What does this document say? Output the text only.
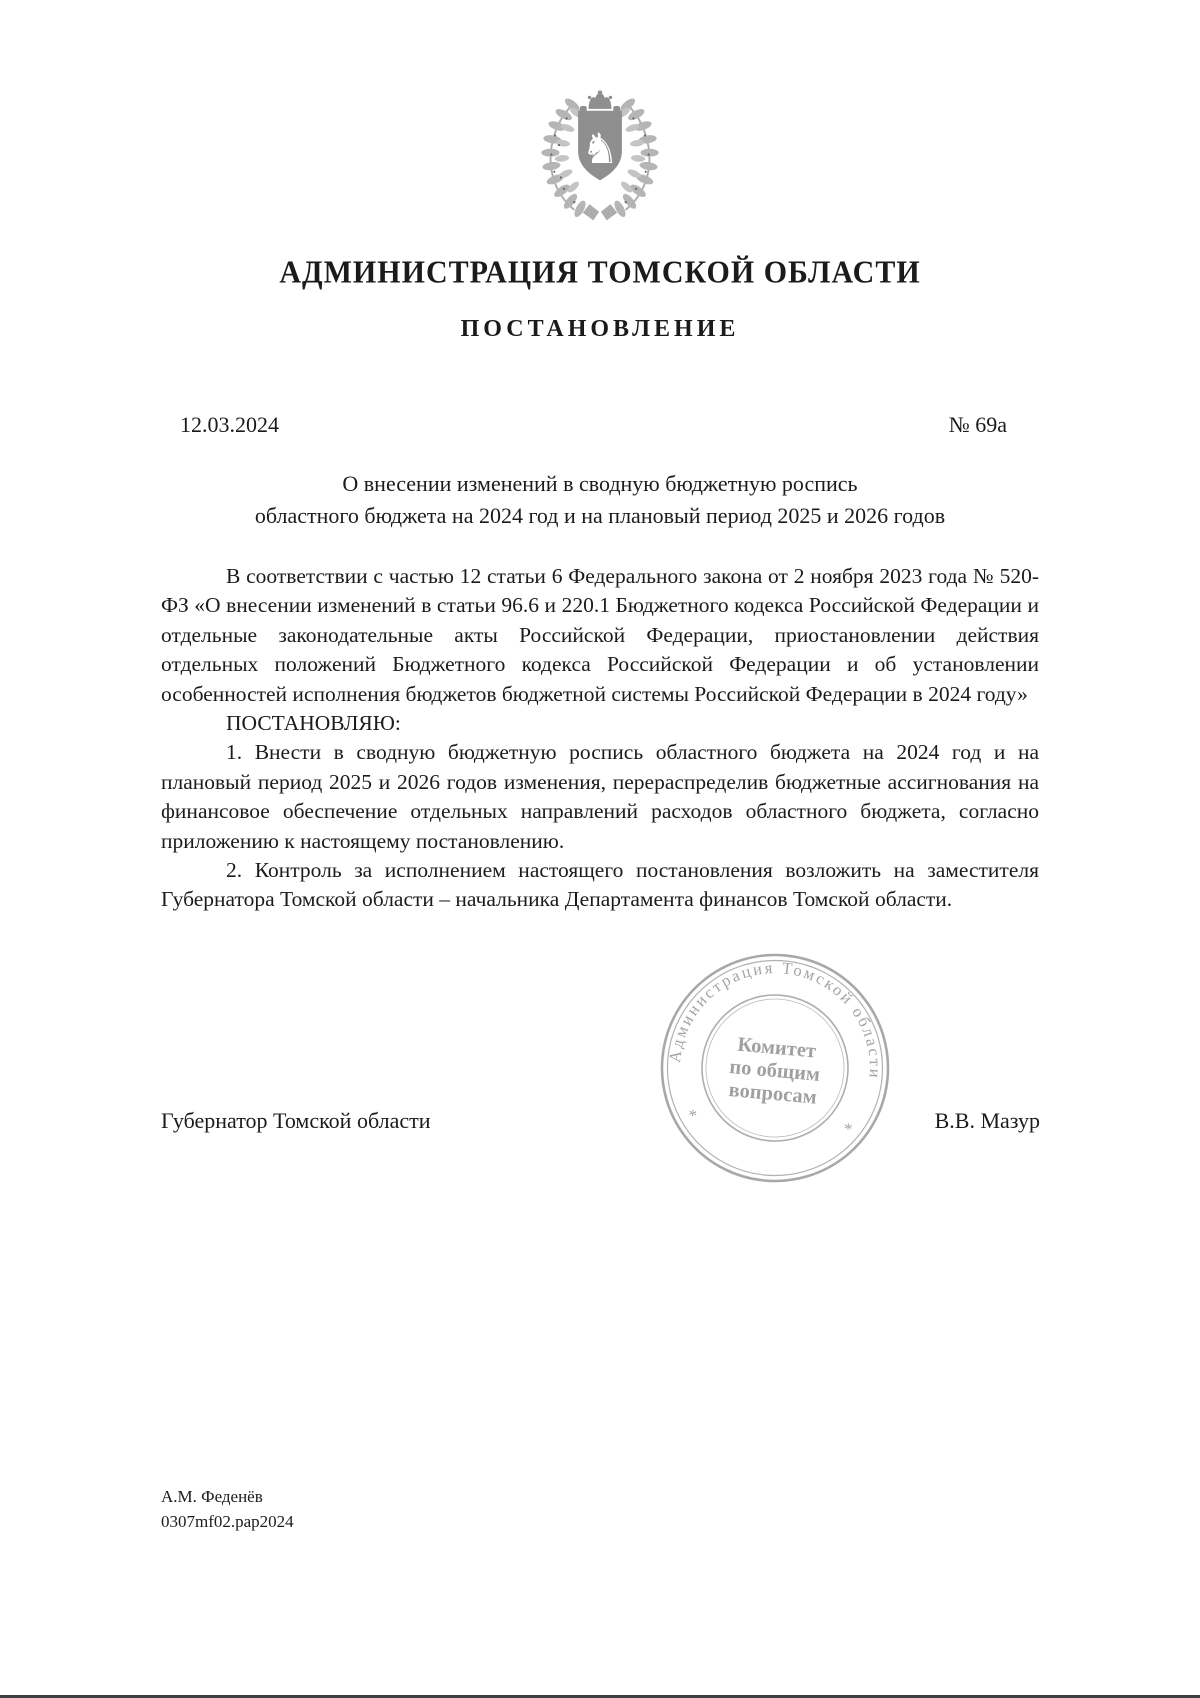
♞
АДМИНИСТРАЦИЯ ТОМСКОЙ ОБЛАСТИ
ПОСТАНОВЛЕНИЕ
12.03.2024	№ 69а
О внесении изменений в сводную бюджетную роспись
областного бюджета на 2024 год и на плановый период 2025 и 2026 годов

В соответствии с частью 12 статьи 6 Федерального закона от 2 ноября 2023 года № 520-ФЗ «О внесении изменений в статьи 96.6 и 220.1 Бюджетного кодекса Российской Федерации и отдельные законодательные акты Российской Федерации, приостановлении действия отдельных положений Бюджетного кодекса Российской Федерации и об установлении особенностей исполнения бюджетов бюджетной системы Российской Федерации в 2024 году»

ПОСТАНОВЛЯЮ:

1. Внести в сводную бюджетную роспись областного бюджета на 2024 год и на плановый период 2025 и 2026 годов изменения, перераспределив бюджетные ассигнования на финансовое обеспечение отдельных направлений расходов областного бюджета, согласно приложению к настоящему постановлению.

2. Контроль за исполнением настоящего постановления возложить на заместителя Губернатора Томской области – начальника Департамента финансов Томской области.

Администрация Томской области
*
*
Комитет
по общим
вопросам
Губернатор Томской области	В.В. Мазур
А.М. Феденёв
0307mf02.pap2024
